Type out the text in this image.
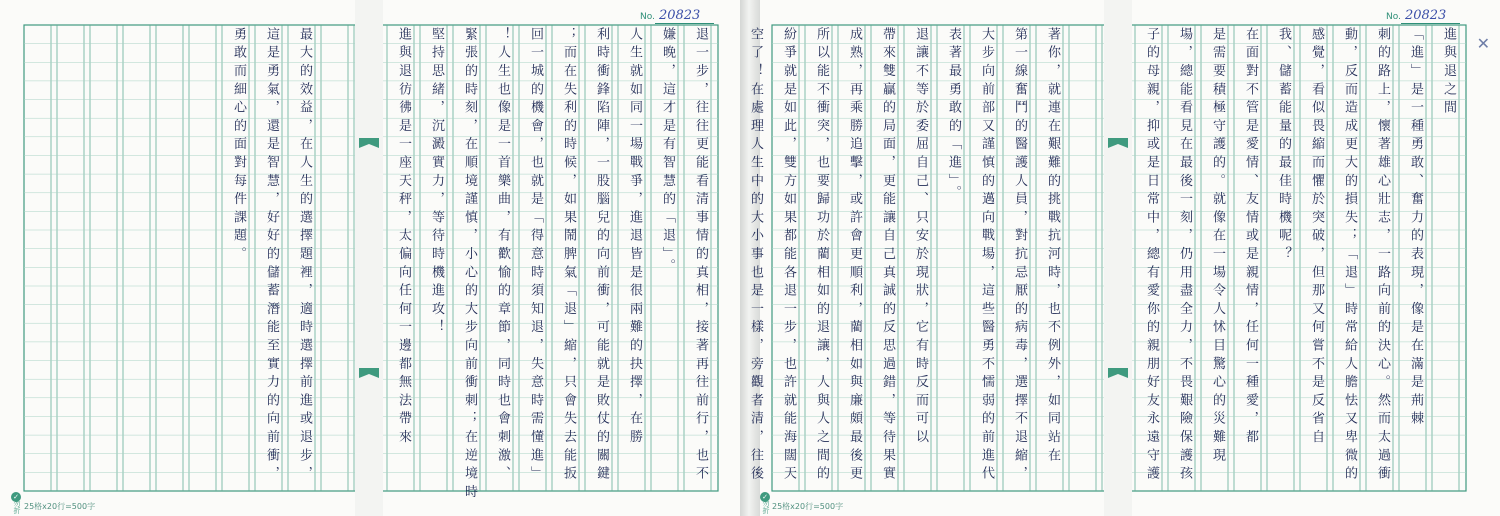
No. 20823
✓
勿折 25格x20行=500字
退一步，往往更能看清事情的真相，接著再往前行，也不
嫌晚，這才是有智慧的「退」。
人生就如同一場戰爭，進退皆是很兩難的抉擇，在勝
利時衝鋒陷陣，一股腦兒的向前衝，可能就是敗仗的關鍵
；而在失利的時候，如果鬧脾氣「退」縮，只會失去能扳
回一城的機會，也就是「得意時須知退，失意時需懂進」
！人生也像是一首樂曲，有歡愉的章節，同時也會刺激、
緊張的時刻，在順境謹慎，小心的大步向前衝刺；在逆境時
堅持思緒，沉澱實力，等待時機進攻！
進與退彷彿是一座天秤，太偏向任何一邊都無法帶來
最大的效益，在人生的選擇題裡，適時選擇前進或退步，
這是勇氣，還是智慧，好好的儲蓄潛能至實力的向前衝，
勇敢而細心的面對每件課題。
No. 20823
✕
✓
勿折 25格x20行=500字
進與退之間
「進」是一種勇敢、奮力的表現，像是在滿是荊棘
刺的路上，懷著雄心壯志，一路向前的決心。然而太過衝
動，反而造成更大的損失；「退」時常給人膽怯又卑微的
感覺，看似畏縮而懼於突破，但那又何嘗不是反省自
我、儲蓄能量的最佳時機呢？
在面對不管是愛情、友情或是親情，任何一種愛，都
是需要積極守護的。就像在一場令人怵目驚心的災難現
場，總能看見在最後一刻，仍用盡全力，不畏艱險保護孩
子的母親，抑或是日常中，總有愛你的親朋好友永遠守護
著你，就連在艱難的挑戰抗河時，也不例外，如同站在
第一線奮鬥的醫護人員，對抗忌厭的病毒，選擇不退縮，
大步向前部又謹慎的邁向戰場，這些醫勇不懦弱的前進代
表著最勇敢的「進」。
退讓不等於委屈自己、只安於現狀，它有時反而可以
帶來雙贏的局面，更能讓自己真誠的反思過錯，等待果實
成熟，再乘勝追擊，或許會更順利，藺相如與廉頗最後更
所以能不衝突，也要歸功於藺相如的退讓，人與人之間的
紛爭就是如此，雙方如果都能各退一步，也許就能海闊天
空了！在處理人生中的大小事也是一樣，旁觀者清，往後
